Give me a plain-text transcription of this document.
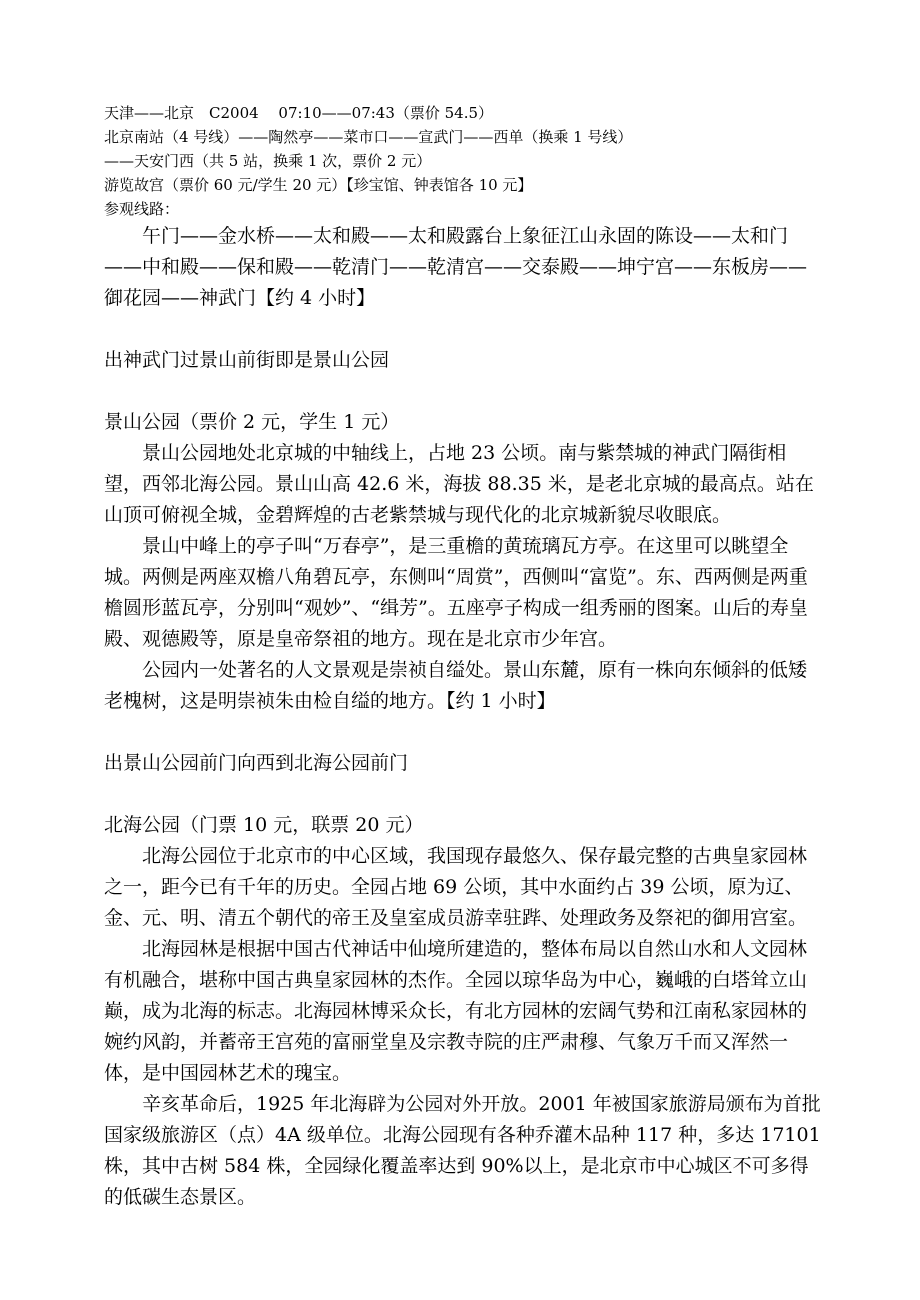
天津——北京　C2004　 07:10——07:43（票价 54.5）

北京南站（4 号线）——陶然亭——菜市口——宣武门——西单（换乘 1 号线）

——天安门西（共 5 站，换乘 1 次，票价 2 元）

游览故宫（票价 60 元/学生 20 元）【珍宝馆、钟表馆各 10 元】

参观线路：

午门——金水桥——太和殿——太和殿露台上象征江山永固的陈设——太和门——中和殿——保和殿——乾清门——乾清宫——交泰殿——坤宁宫——东板房——御花园——神武门【约 4 小时】

出神武门过景山前街即是景山公园

景山公园（票价 2 元，学生 1 元）

景山公园地处北京城的中轴线上，占地 23 公顷。南与紫禁城的神武门隔街相望，西邻北海公园。景山山高 42.6 米，海拔 88.35 米，是老北京城的最高点。站在山顶可俯视全城，金碧辉煌的古老紫禁城与现代化的北京城新貌尽收眼底。

景山中峰上的亭子叫“万春亭”，是三重檐的黄琉璃瓦方亭。在这里可以眺望全城。两侧是两座双檐八角碧瓦亭，东侧叫“周赏”，西侧叫“富览”。东、西两侧是两重檐圆形蓝瓦亭，分别叫“观妙”、“缉芳”。五座亭子构成一组秀丽的图案。山后的寿皇殿、观德殿等，原是皇帝祭祖的地方。现在是北京市少年宫。

公园内一处著名的人文景观是崇祯自缢处。景山东麓，原有一株向东倾斜的低矮老槐树，这是明崇祯朱由检自缢的地方。【约 1 小时】

出景山公园前门向西到北海公园前门

北海公园（门票 10 元，联票 20 元）

北海公园位于北京市的中心区域，我国现存最悠久、保存最完整的古典皇家园林之一，距今已有千年的历史。全园占地 69 公顷，其中水面约占 39 公顷，原为辽、金、元、明、清五个朝代的帝王及皇室成员游幸驻跸、处理政务及祭祀的御用宫室。

北海园林是根据中国古代神话中仙境所建造的，整体布局以自然山水和人文园林有机融合，堪称中国古典皇家园林的杰作。全园以琼华岛为中心，巍峨的白塔耸立山巅，成为北海的标志。北海园林博采众长，有北方园林的宏阔气势和江南私家园林的婉约风韵，并蓄帝王宫苑的富丽堂皇及宗教寺院的庄严肃穆、气象万千而又浑然一体，是中国园林艺术的瑰宝。

辛亥革命后，1925 年北海辟为公园对外开放。2001 年被国家旅游局颁布为首批国家级旅游区（点）4A 级单位。北海公园现有各种乔灌木品种 117 种，多达 17101 株，其中古树 584 株，全园绿化覆盖率达到 90%以上，是北京市中心城区不可多得的低碳生态景区。
